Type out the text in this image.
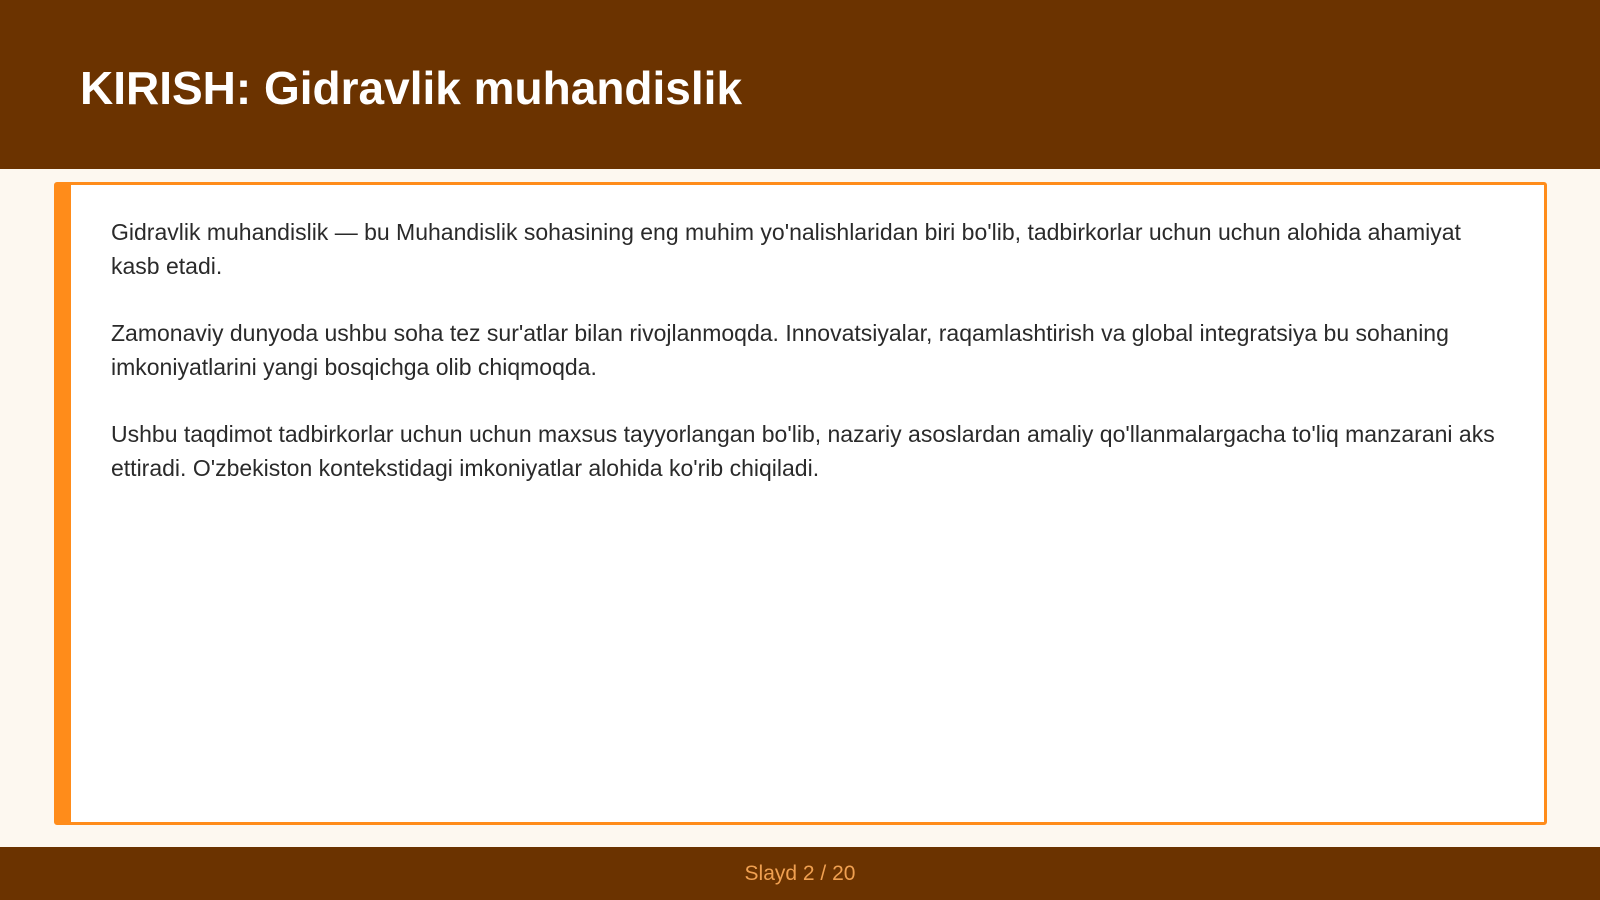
KIRISH: Gidravlik muhandislik

Gidravlik muhandislik — bu Muhandislik sohasining eng muhim yo'nalishlaridan biri bo'lib, tadbirkorlar uchun uchun alohida ahamiyat kasb etadi.

Zamonaviy dunyoda ushbu soha tez sur'atlar bilan rivojlanmoqda. Innovatsiyalar, raqamlashtirish va global integratsiya bu sohaning imkoniyatlarini yangi bosqichga olib chiqmoqda.

Ushbu taqdimot tadbirkorlar uchun uchun maxsus tayyorlangan bo'lib, nazariy asoslardan amaliy qo'llanmalargacha to'liq manzarani aks ettiradi. O'zbekiston kontekstidagi imkoniyatlar alohida ko'rib chiqiladi.

Slayd 2 / 20
